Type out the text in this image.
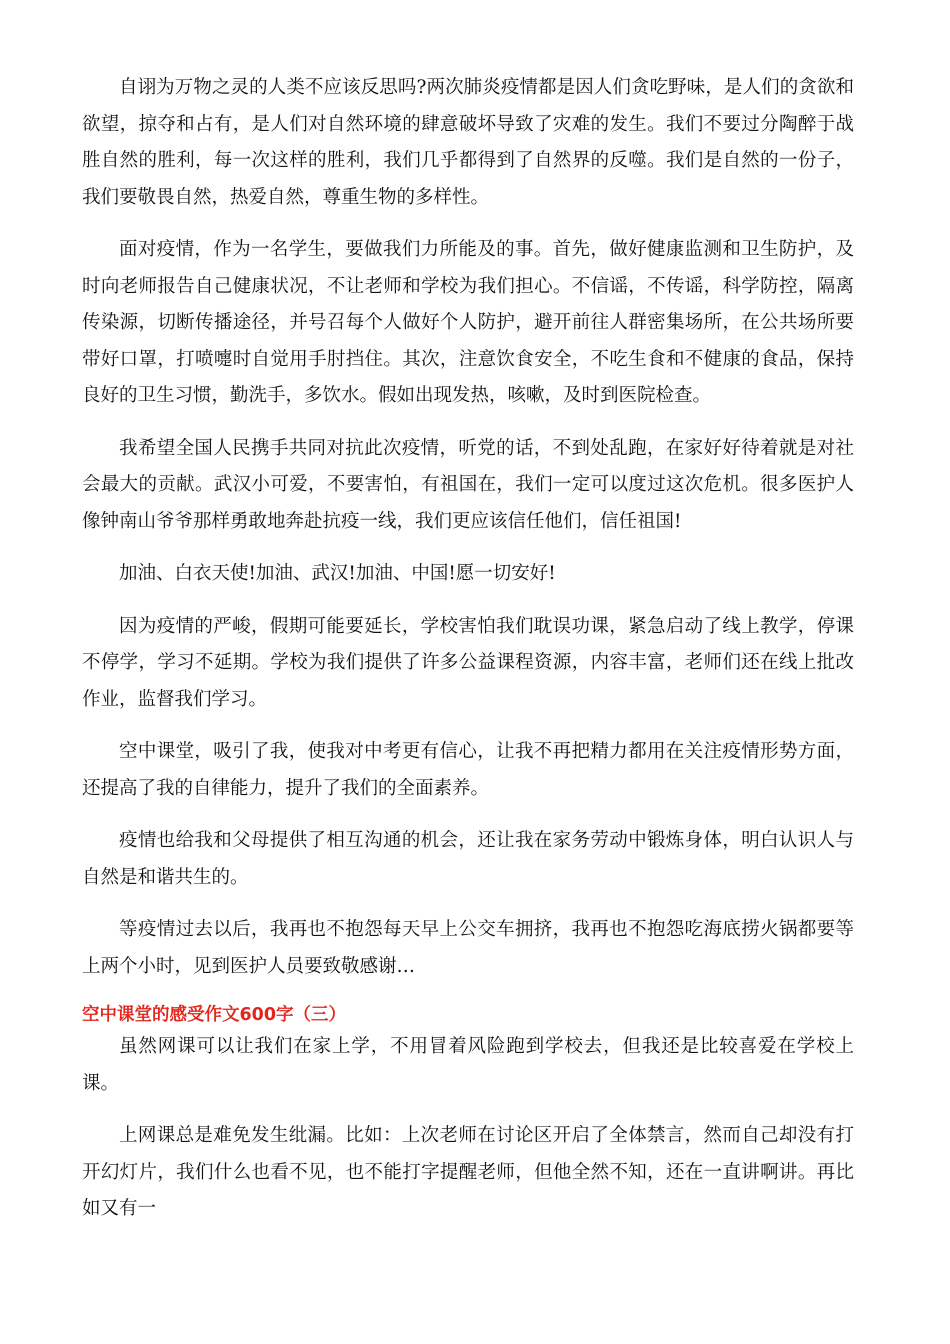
自诩为万物之灵的人类不应该反思吗?两次肺炎疫情都是因人们贪吃野味，是人们的贪欲和欲望，掠夺和占有，是人们对自然环境的肆意破坏导致了灾难的发生。我们不要过分陶醉于战胜自然的胜利，每一次这样的胜利，我们几乎都得到了自然界的反噬。我们是自然的一份子，我们要敬畏自然，热爱自然，尊重生物的多样性。

面对疫情，作为一名学生，要做我们力所能及的事。首先，做好健康监测和卫生防护，及时向老师报告自己健康状况，不让老师和学校为我们担心。不信谣，不传谣，科学防控，隔离传染源，切断传播途径，并号召每个人做好个人防护，避开前往人群密集场所，在公共场所要带好口罩，打喷嚏时自觉用手肘挡住。其次，注意饮食安全，不吃生食和不健康的食品，保持良好的卫生习惯，勤洗手，多饮水。假如出现发热，咳嗽，及时到医院检查。

我希望全国人民携手共同对抗此次疫情，听党的话，不到处乱跑，在家好好待着就是对社会最大的贡献。武汉小可爱，不要害怕，有祖国在，我们一定可以度过这次危机。很多医护人像钟南山爷爷那样勇敢地奔赴抗疫一线，我们更应该信任他们，信任祖国!

加油、白衣天使!加油、武汉!加油、中国!愿一切安好!

因为疫情的严峻，假期可能要延长，学校害怕我们耽误功课，紧急启动了线上教学，停课不停学，学习不延期。学校为我们提供了许多公益课程资源，内容丰富，老师们还在线上批改作业，监督我们学习。

空中课堂，吸引了我，使我对中考更有信心，让我不再把精力都用在关注疫情形势方面，还提高了我的自律能力，提升了我们的全面素养。

疫情也给我和父母提供了相互沟通的机会，还让我在家务劳动中锻炼身体，明白认识人与自然是和谐共生的。

等疫情过去以后，我再也不抱怨每天早上公交车拥挤，我再也不抱怨吃海底捞火锅都要等上两个小时，见到医护人员要致敬感谢…

空中课堂的感受作文600字（三）

虽然网课可以让我们在家上学，不用冒着风险跑到学校去，但我还是比较喜爱在学校上课。

上网课总是难免发生纰漏。比如：上次老师在讨论区开启了全体禁言，然而自己却没有打开幻灯片，我们什么也看不见，也不能打字提醒老师，但他全然不知，还在一直讲啊讲。再比如又有一
